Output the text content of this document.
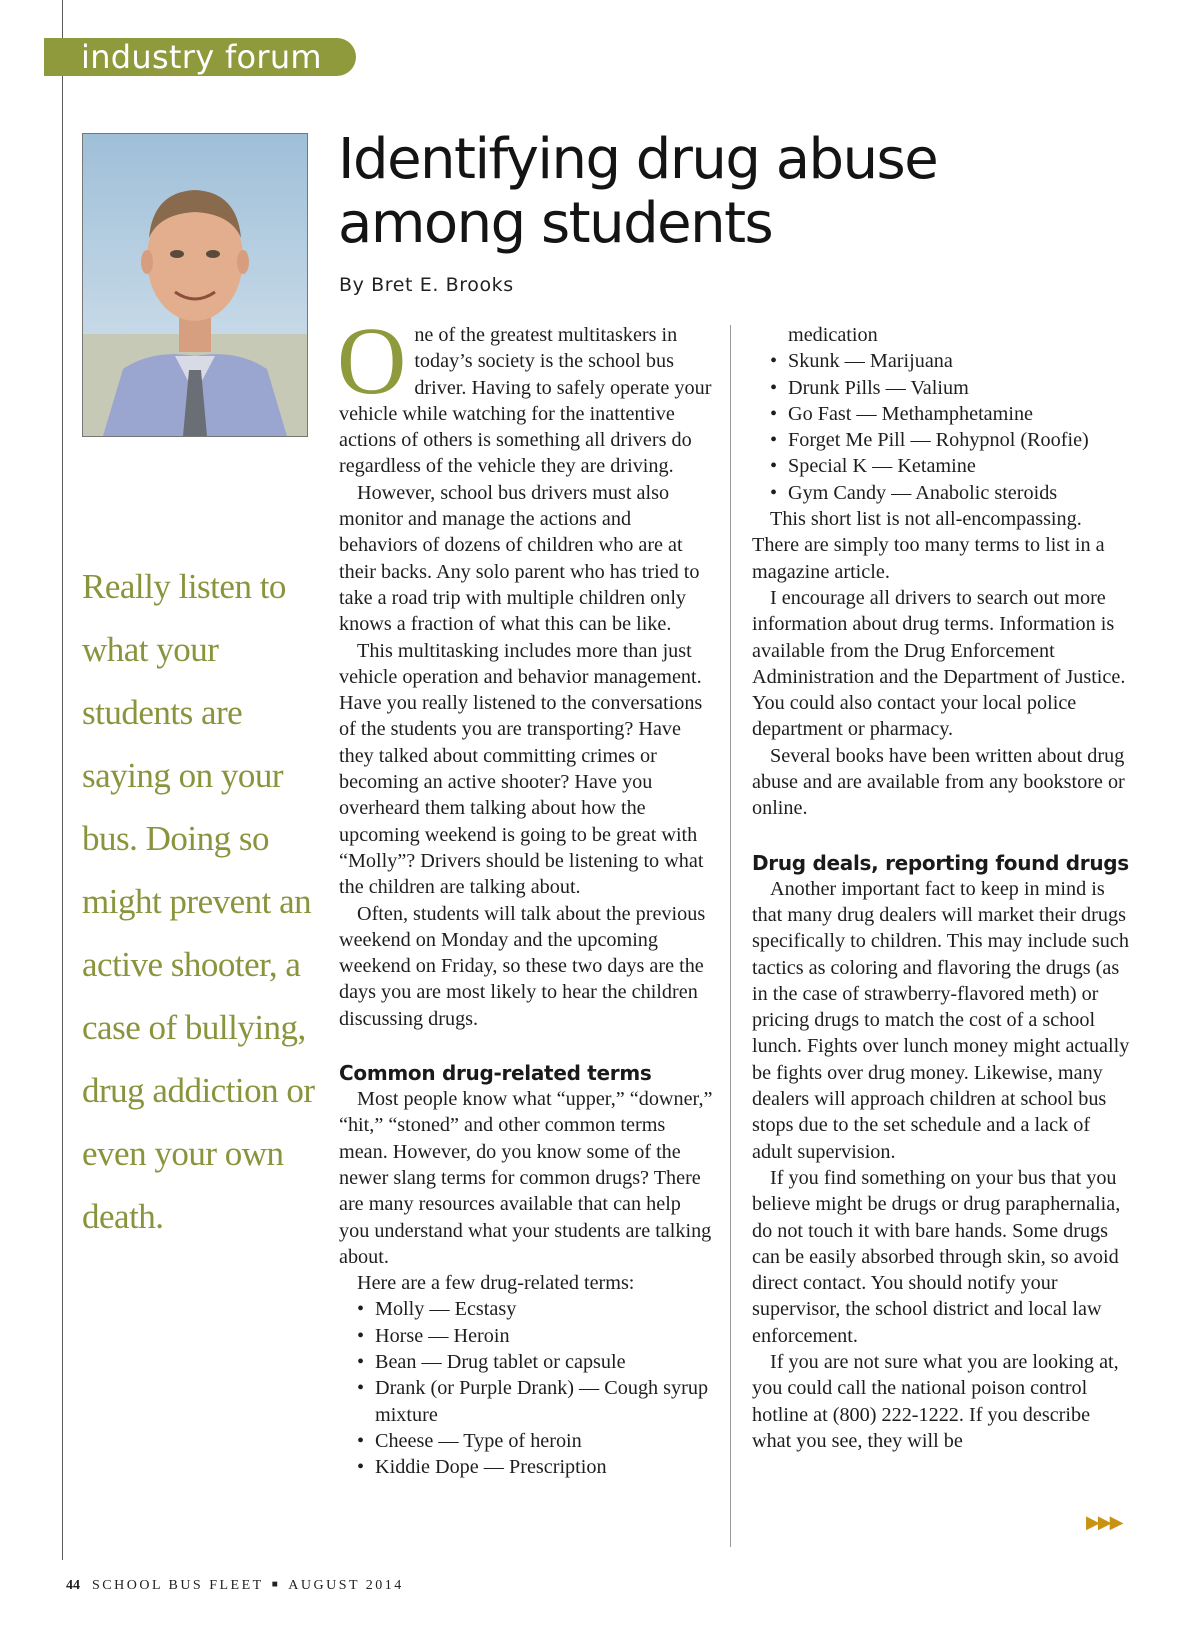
industry forum
Identifying drug abuse
among students
By Bret E. Brooks
Really listen to what your students are saying on your bus. Doing so might prevent an active shooter, a case of bullying, drug addiction or even your own death.

One of the greatest multitaskers in today’s society is the school bus driver. Having to safely operate your vehicle while watching for the inattentive actions of others is something all drivers do regardless of the vehicle they are driving.

However, school bus drivers must also monitor and manage the actions and behaviors of dozens of children who are at their backs. Any solo parent who has tried to take a road trip with multiple children only knows a fraction of what this can be like.

This multitasking includes more than just vehicle operation and behavior management. Have you really listened to the conversations of the students you are transporting? Have they talked about committing crimes or becoming an active shooter? Have you overheard them talking about how the upcoming weekend is going to be great with “Molly”? Drivers should be listening to what the children are talking about.

Often, students will talk about the previous weekend on Monday and the upcoming weekend on Friday, so these two days are the days you are most likely to hear the children discussing drugs.

Common drug-related terms

Most people know what “upper,” “downer,” “hit,” “stoned” and other common terms mean. However, do you know some of the newer slang terms for common drugs? There are many resources available that can help you understand what your students are talking about.

Here are a few drug-related terms:

• Molly — Ecstasy
• Horse — Heroin
• Bean — Drug tablet or capsule
• Drank (or Purple Drank) — Cough syrup mixture
• Cheese — Type of heroin
• Kiddie Dope — Prescription
medication
• Skunk — Marijuana
• Drunk Pills — Valium
• Go Fast — Methamphetamine
• Forget Me Pill — Rohypnol (Roofie)
• Special K — Ketamine
• Gym Candy — Anabolic steroids

This short list is not all-encompassing. There are simply too many terms to list in a magazine article.

I encourage all drivers to search out more information about drug terms. Information is available from the Drug Enforcement Administration and the Department of Justice. You could also contact your local police department or pharmacy.

Several books have been written about drug abuse and are available from any bookstore or online.

Drug deals, reporting found drugs

Another important fact to keep in mind is that many drug dealers will market their drugs specifically to children. This may include such tactics as coloring and flavoring the drugs (as in the case of strawberry-flavored meth) or pricing drugs to match the cost of a school lunch. Fights over lunch money might actually be fights over drug money. Likewise, many dealers will approach children at school bus stops due to the set schedule and a lack of adult supervision.

If you find something on your bus that you believe might be drugs or drug paraphernalia, do not touch it with bare hands. Some drugs can be easily absorbed through skin, so avoid direct contact. You should notify your supervisor, the school district and local law enforcement.

If you are not sure what you are looking at, you could call the national poison control hotline at (800) 222-1222. If you describe what you see, they will be

▶▶▶
44 SCHOOL BUS FLEET ■ AUGUST 2014
